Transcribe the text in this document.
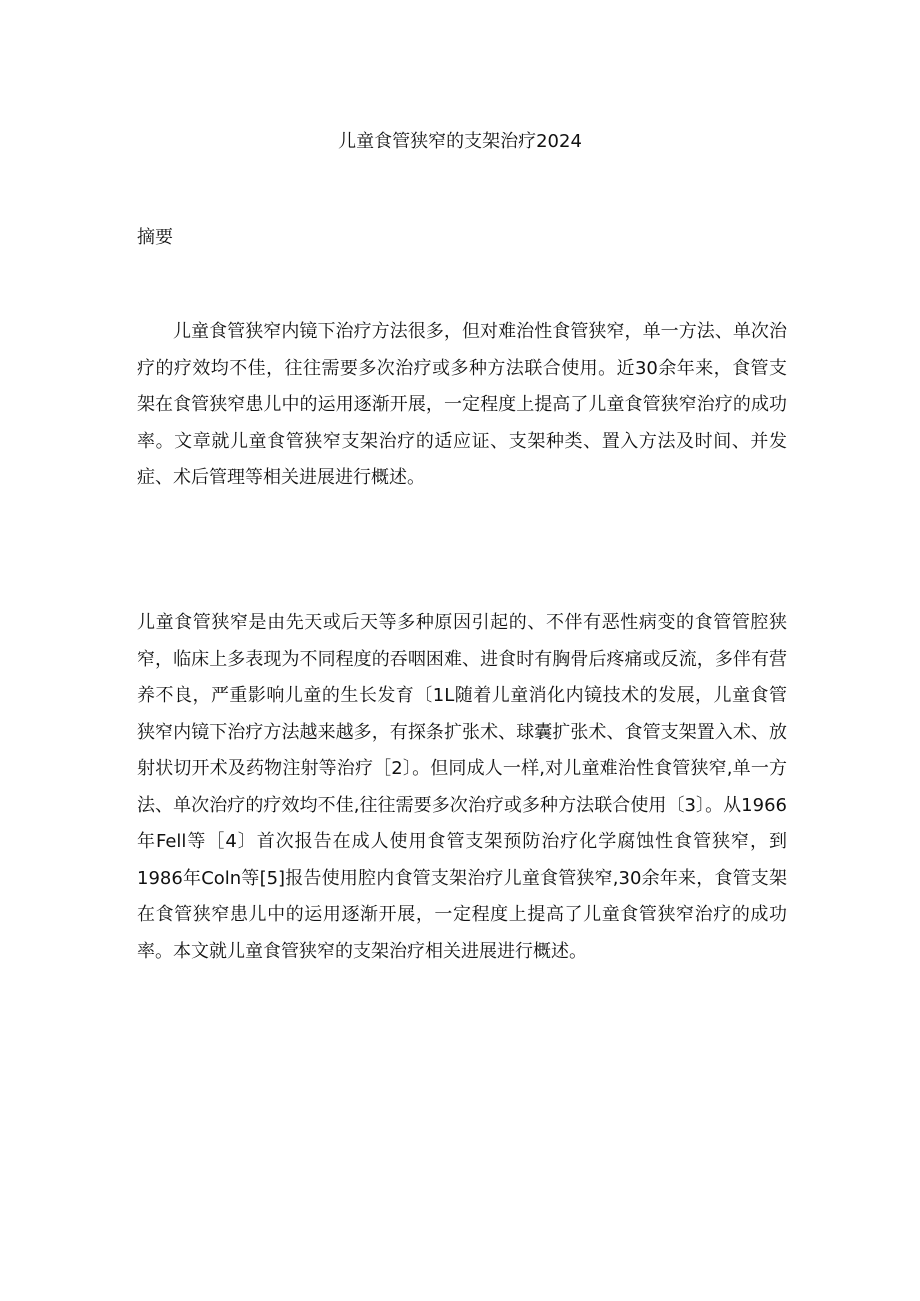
儿童食管狭窄的支架治疗2024
摘要

儿童食管狭窄内镜下治疗方法很多，但对难治性食管狭窄，单一方法、单次治疗的疗效均不佳，往往需要多次治疗或多种方法联合使用。近30余年来，食管支架在食管狭窄患儿中的运用逐渐开展，一定程度上提高了儿童食管狭窄治疗的成功率。文章就儿童食管狭窄支架治疗的适应证、支架种类、置入方法及时间、并发症、术后管理等相关进展进行概述。

儿童食管狭窄是由先天或后天等多种原因引起的、不伴有恶性病变的食管管腔狭窄，临床上多表现为不同程度的吞咽困难、进食时有胸骨后疼痛或反流，多伴有营养不良，严重影响儿童的生长发育〔1L随着儿童消化内镜技术的发展，儿童食管狭窄内镜下治疗方法越来越多，有探条扩张术、球囊扩张术、食管支架置入术、放射状切开术及药物注射等治疗［2〕。但同成人一样,对儿童难治性食管狭窄,单一方法、单次治疗的疗效均不佳,往往需要多次治疗或多种方法联合使用〔3〕。从1966年Fell等［4〕首次报告在成人使用食管支架预防治疗化学腐蚀性食管狭窄，到1986年Coln等[5]报告使用腔内食管支架治疗儿童食管狭窄,30余年来，食管支架在食管狭窄患儿中的运用逐渐开展，一定程度上提高了儿童食管狭窄治疗的成功率。本文就儿童食管狭窄的支架治疗相关进展进行概述。
